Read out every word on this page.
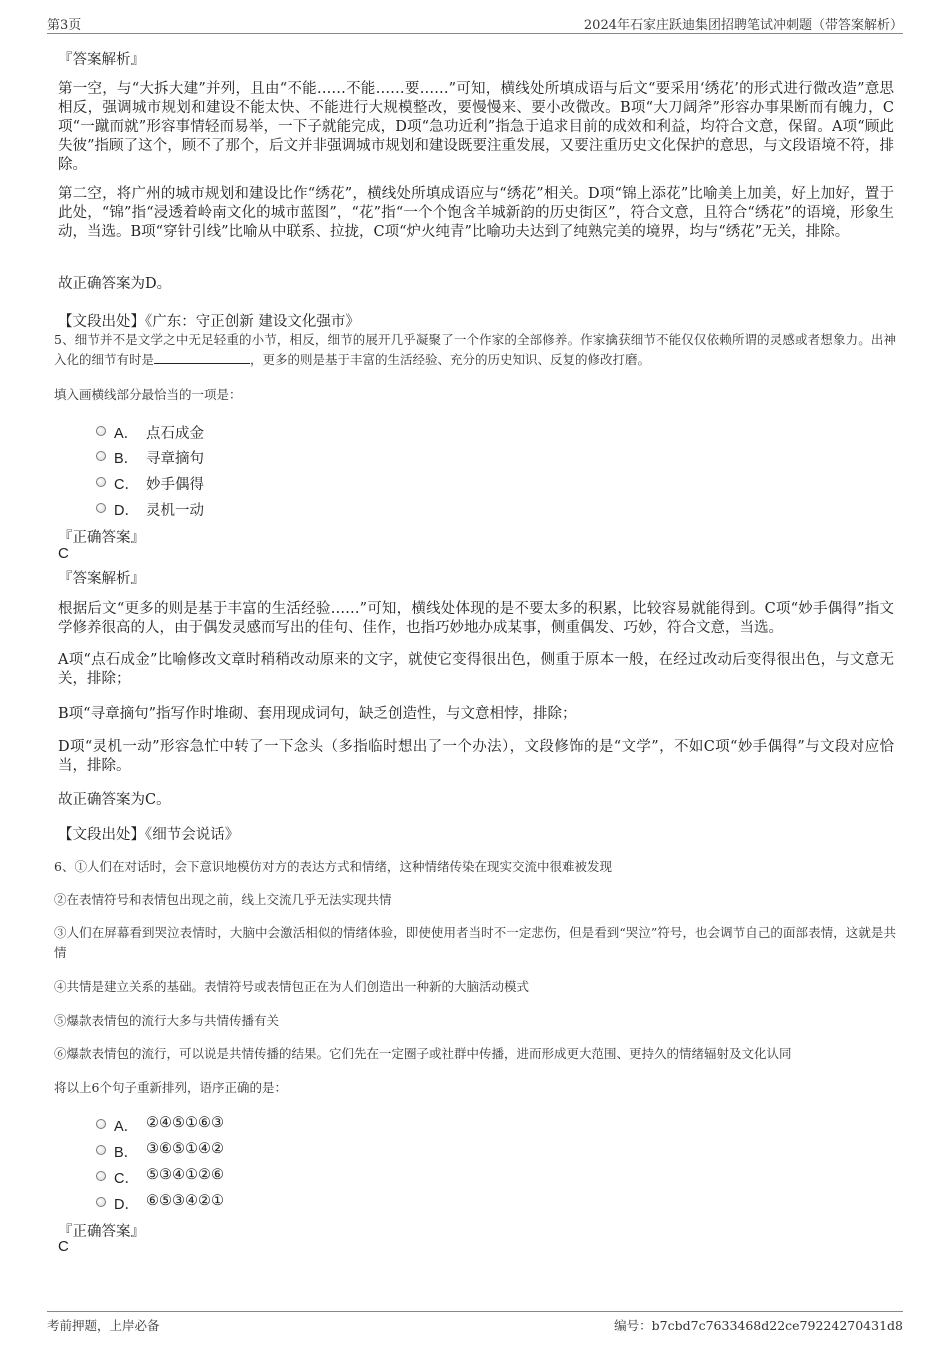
第3页	2024年石家庄跃迪集团招聘笔试冲刺题（带答案解析）
『答案解析』
第一空，与“大拆大建”并列，且由“不能……不能……要……”可知，横线处所填成语与后文“要采用‘绣花’的形式进行微改造”意思相反，强调城市规划和建设不能太快、不能进行大规模整改，要慢慢来、要小改微改。B项“大刀阔斧”形容办事果断而有魄力，C项“一蹴而就”形容事情轻而易举，一下子就能完成，D项“急功近利”指急于追求目前的成效和利益，均符合文意，保留。A项“顾此失彼”指顾了这个，顾不了那个，后文并非强调城市规划和建设既要注重发展，又要注重历史文化保护的意思，与文段语境不符，排除。
第二空，将广州的城市规划和建设比作“绣花”，横线处所填成语应与“绣花”相关。D项“锦上添花”比喻美上加美，好上加好，置于此处，“锦”指“浸透着岭南文化的城市蓝图”，“花”指“一个个饱含羊城新韵的历史街区”，符合文意，且符合“绣花”的语境，形象生动，当选。B项“穿针引线”比喻从中联系、拉拢，C项“炉火纯青”比喻功夫达到了纯熟完美的境界，均与“绣花”无关，排除。
故正确答案为D。
【文段出处】《广东：守正创新 建设文化强市》
5、细节并不是文学之中无足轻重的小节，相反，细节的展开几乎凝聚了一个作家的全部修养。作家擒获细节不能仅仅依赖所谓的灵感或者想象力。出神入化的细节有时是	，更多的则是基于丰富的生活经验、充分的历史知识、反复的修改打磨。
填入画横线部分最恰当的一项是：
A． 点石成金
B． 寻章摘句
C． 妙手偶得
D． 灵机一动
『正确答案』
C
『答案解析』
根据后文“更多的则是基于丰富的生活经验……”可知，横线处体现的是不要太多的积累，比较容易就能得到。C项“妙手偶得”指文学修养很高的人，由于偶发灵感而写出的佳句、佳作，也指巧妙地办成某事，侧重偶发、巧妙，符合文意，当选。
A项“点石成金”比喻修改文章时稍稍改动原来的文字，就使它变得很出色，侧重于原本一般，在经过改动后变得很出色，与文意无关，排除；
B项“寻章摘句”指写作时堆砌、套用现成词句，缺乏创造性，与文意相悖，排除；
D项“灵机一动”形容急忙中转了一下念头（多指临时想出了一个办法），文段修饰的是“文学”，不如C项“妙手偶得”与文段对应恰当，排除。
故正确答案为C。
【文段出处】《细节会说话》
6、①人们在对话时，会下意识地模仿对方的表达方式和情绪，这种情绪传染在现实交流中很难被发现
②在表情符号和表情包出现之前，线上交流几乎无法实现共情
③人们在屏幕看到哭泣表情时，大脑中会激活相似的情绪体验，即使使用者当时不一定悲伤，但是看到“哭泣”符号，也会调节自己的面部表情，这就是共情
④共情是建立关系的基础。表情符号或表情包正在为人们创造出一种新的大脑活动模式
⑤爆款表情包的流行大多与共情传播有关
⑥爆款表情包的流行，可以说是共情传播的结果。它们先在一定圈子或社群中传播，进而形成更大范围、更持久的情绪辐射及文化认同
将以上6个句子重新排列，语序正确的是：
A． ②④⑤①⑥③
B． ③⑥⑤①④②
C． ⑤③④①②⑥
D． ⑥⑤③④②①
『正确答案』
C
考前押题，上岸必备	编号：b7cbd7c7633468d22ce79224270431d8
